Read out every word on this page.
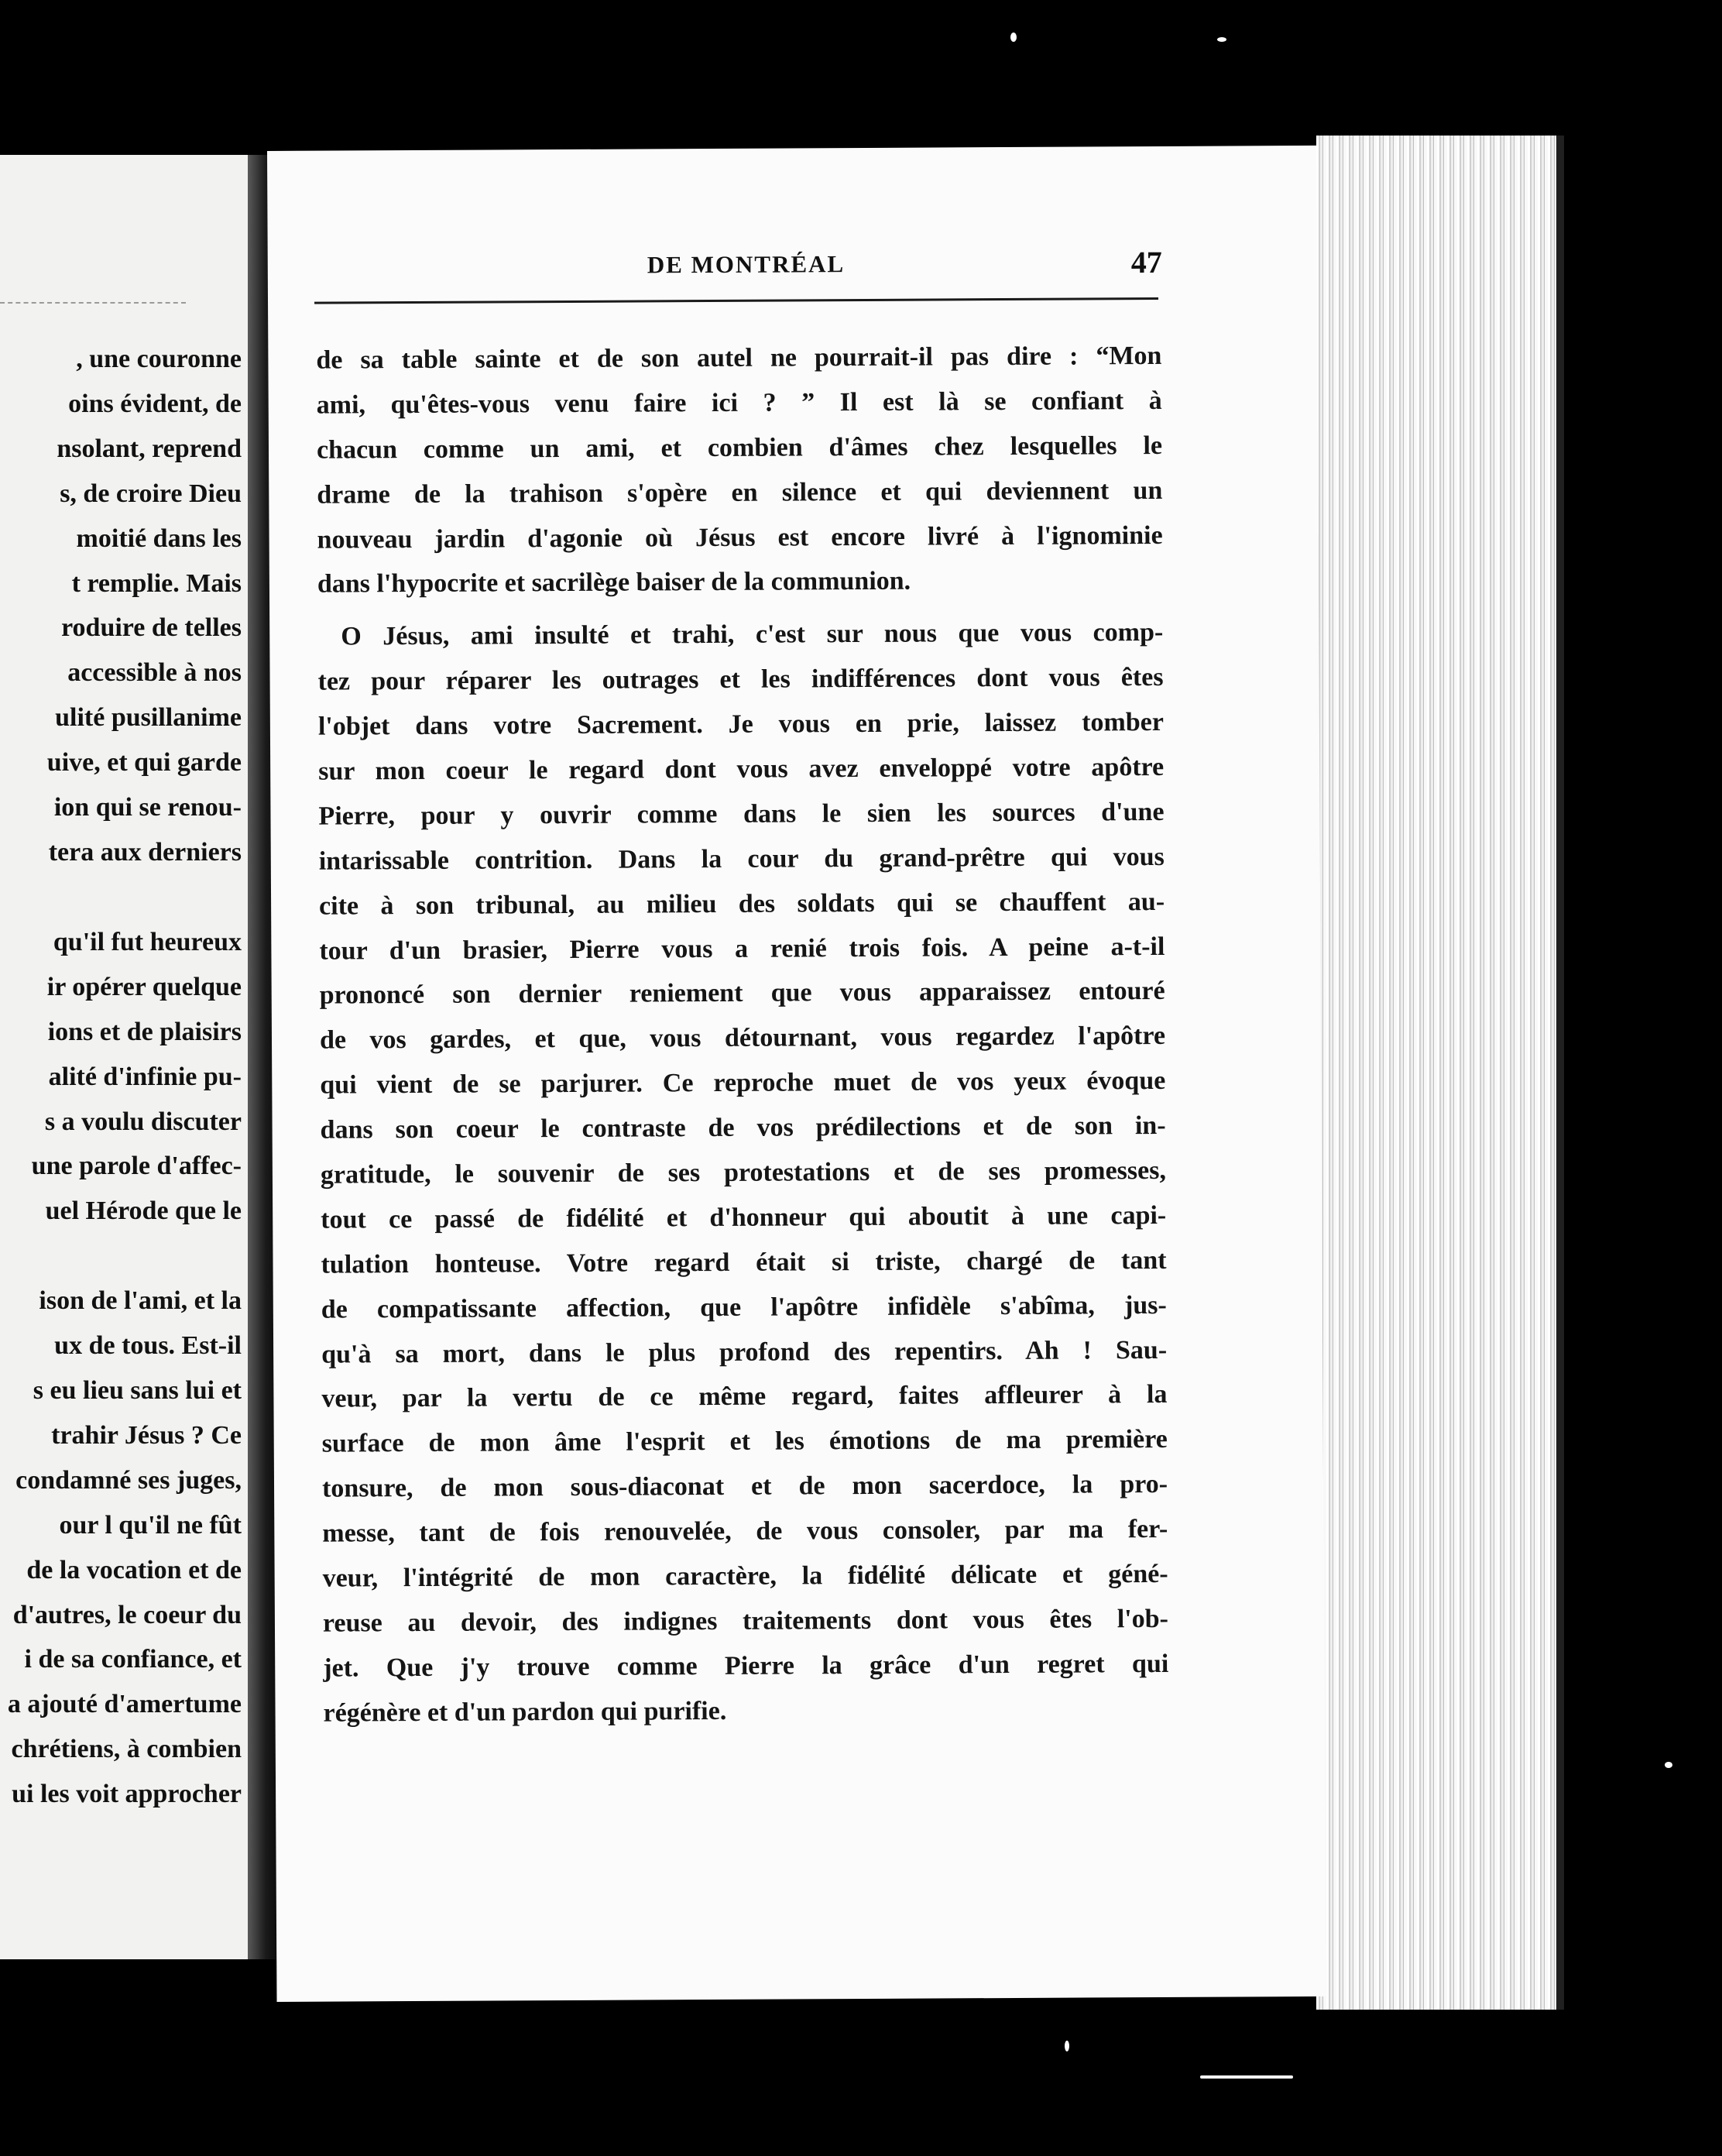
, une couronne
oins évident, de
nsolant, reprend
s, de croire Dieu
moitié dans les
t remplie. Mais
roduire de telles
accessible à nos
ulité pusillanime
uive, et qui garde
ion qui se renou-
tera aux derniers
qu'il fut heureux
ir opérer quelque
ions et de plaisirs
alité d'infinie pu-
s a voulu discuter
une parole d'affec-
uel Hérode que le
ison de l'ami, et la
ux de tous. Est-il
s eu lieu sans lui et
trahir Jésus ? Ce
condamné ses juges,
our l qu'il ne fût
de la vocation et de
d'autres, le coeur du
i de sa confiance, et
a ajouté d'amertume
chrétiens, à combien
ui les voit approcher
DE MONTRÉAL	47
de sa table sainte et de son autel ne pourrait-il pas dire : “Mon
ami, qu'êtes-vous venu faire ici ? ” Il est là se confiant à
chacun comme un ami, et combien d'âmes chez lesquelles le
drame de la trahison s'opère en silence et qui deviennent un
nouveau jardin d'agonie où Jésus est encore livré à l'ignominie
dans l'hypocrite et sacrilège baiser de la communion.
O Jésus, ami insulté et trahi, c'est sur nous que vous comp-
tez pour réparer les outrages et les indifférences dont vous êtes
l'objet dans votre Sacrement. Je vous en prie, laissez tomber
sur mon coeur le regard dont vous avez enveloppé votre apôtre
Pierre, pour y ouvrir comme dans le sien les sources d'une
intarissable contrition. Dans la cour du grand-prêtre qui vous
cite à son tribunal, au milieu des soldats qui se chauffent au-
tour d'un brasier, Pierre vous a renié trois fois. A peine a-t-il
prononcé son dernier reniement que vous apparaissez entouré
de vos gardes, et que, vous détournant, vous regardez l'apôtre
qui vient de se parjurer. Ce reproche muet de vos yeux évoque
dans son coeur le contraste de vos prédilections et de son in-
gratitude, le souvenir de ses protestations et de ses promesses,
tout ce passé de fidélité et d'honneur qui aboutit à une capi-
tulation honteuse. Votre regard était si triste, chargé de tant
de compatissante affection, que l'apôtre infidèle s'abîma, jus-
qu'à sa mort, dans le plus profond des repentirs. Ah ! Sau-
veur, par la vertu de ce même regard, faites affleurer à la
surface de mon âme l'esprit et les émotions de ma première
tonsure, de mon sous-diaconat et de mon sacerdoce, la pro-
messe, tant de fois renouvelée, de vous consoler, par ma fer-
veur, l'intégrité de mon caractère, la fidélité délicate et géné-
reuse au devoir, des indignes traitements dont vous êtes l'ob-
jet. Que j'y trouve comme Pierre la grâce d'un regret qui
régénère et d'un pardon qui purifie.
